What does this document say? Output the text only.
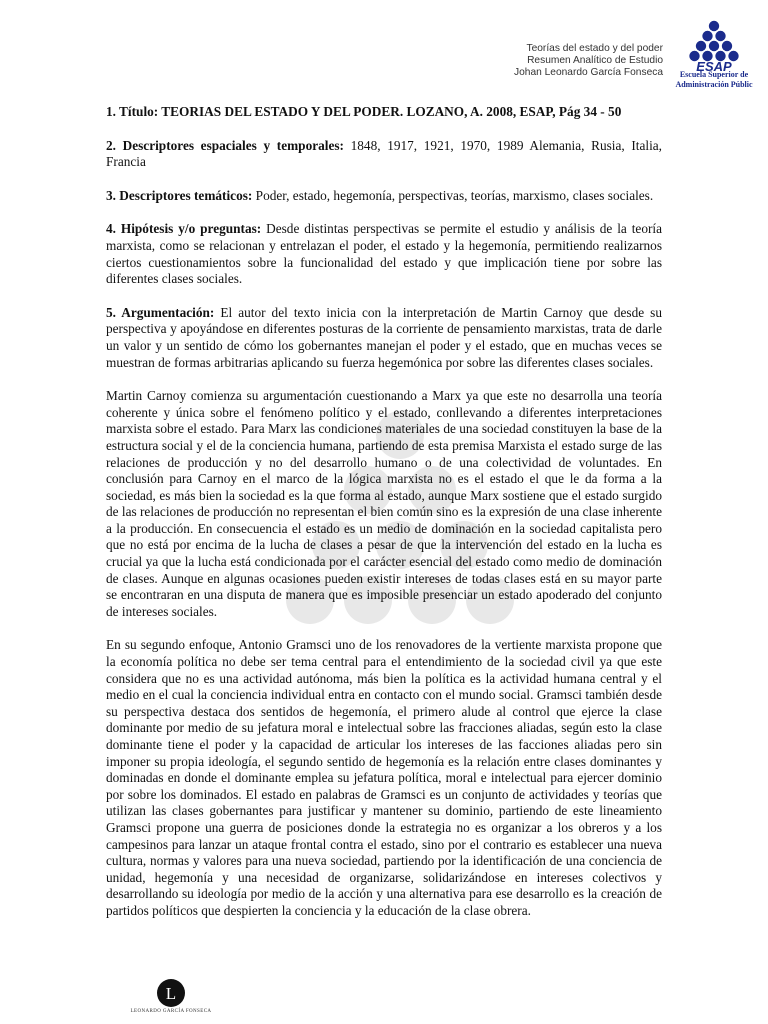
Teorías del estado y del poder
Resumen Analítico de Estudio
Johan Leonardo García Fonseca	ESAP
Escuela Superior de
Administración Públic

1. Título: TEORIAS DEL ESTADO Y DEL PODER. LOZANO, A. 2008, ESAP, Pág 34 - 50

2. Descriptores espaciales y temporales: 1848, 1917, 1921, 1970, 1989 Alemania, Rusia, Italia, Francia

3. Descriptores temáticos: Poder, estado, hegemonía, perspectivas, teorías, marxismo, clases sociales.

4. Hipótesis y/o preguntas: Desde distintas perspectivas se permite el estudio y análisis de la teoría marxista, como se relacionan y entrelazan el poder, el estado y la hegemonía, permitiendo realizarnos ciertos cuestionamientos sobre la funcionalidad del estado y que implicación tiene por sobre las diferentes clases sociales.

5. Argumentación: El autor del texto inicia con la interpretación de Martin Carnoy que desde su perspectiva y apoyándose en diferentes posturas de la corriente de pensamiento marxistas, trata de darle un valor y un sentido de cómo los gobernantes manejan el poder y el estado, que en muchas veces se muestran de formas arbitrarias aplicando su fuerza hegemónica por sobre las diferentes clases sociales.

Martin Carnoy comienza su argumentación cuestionando a Marx ya que este no desarrolla una teoría coherente y única sobre el fenómeno político y el estado, conllevando a diferentes interpretaciones marxista sobre el estado. Para Marx las condiciones materiales de una sociedad constituyen la base de la estructura social y el de la conciencia humana, partiendo de esta premisa Marxista el estado surge de las relaciones de producción y no del desarrollo humano o de una colectividad de voluntades. En conclusión para Carnoy en el marco de la lógica marxista no es el estado el que le da forma a la sociedad, es más bien la sociedad es la que forma al estado, aunque Marx sostiene que el estado surgido de las relaciones de producción no representan el bien común sino es la expresión de una clase inherente a la producción. En consecuencia el estado es un medio de dominación en la sociedad capitalista pero que no está por encima de la lucha de clases a pesar de que la intervención del estado en la lucha es crucial ya que la lucha está condicionada por el carácter esencial del estado como medio de dominación de clases. Aunque en algunas ocasiones pueden existir intereses de todas clases está en su mayor parte se encontraran en una disputa de manera que es imposible presenciar un estado apoderado del conjunto de intereses sociales.

En su segundo enfoque, Antonio Gramsci uno de los renovadores de la vertiente marxista propone que la economía política no debe ser tema central para el entendimiento de la sociedad civil ya que este considera que no es una actividad autónoma, más bien la política es la actividad humana central y el medio en el cual la conciencia individual entra en contacto con el mundo social. Gramsci también desde su perspectiva destaca dos sentidos de hegemonía, el primero alude al control que ejerce la clase dominante por medio de su jefatura moral e intelectual sobre las fracciones aliadas, según esto la clase dominante tiene el poder y la capacidad de articular los intereses de las facciones aliadas pero sin imponer su propia ideología, el segundo sentido de hegemonía es la relación entre clases dominantes y dominadas en donde el dominante emplea su jefatura política, moral e intelectual para ejercer dominio por sobre los dominados. El estado en palabras de Gramsci es un conjunto de actividades y teorías que utilizan las clases gobernantes para justificar y mantener su dominio, partiendo de este lineamiento Gramsci propone una guerra de posiciones donde la estrategia no es organizar a los obreros y a los campesinos para lanzar un ataque frontal contra el estado, sino por el contrario es establecer una nueva cultura, normas y valores para una nueva sociedad, partiendo por la identificación de una conciencia de unidad, hegemonía y una necesidad de organizarse, solidarizándose en intereses colectivos y desarrollando su ideología por medio de la acción y una alternativa para ese desarrollo es la creación de partidos políticos que despierten la conciencia y la educación de la clase obrera.

L
LEONARDO GARCÍA FONSECA
